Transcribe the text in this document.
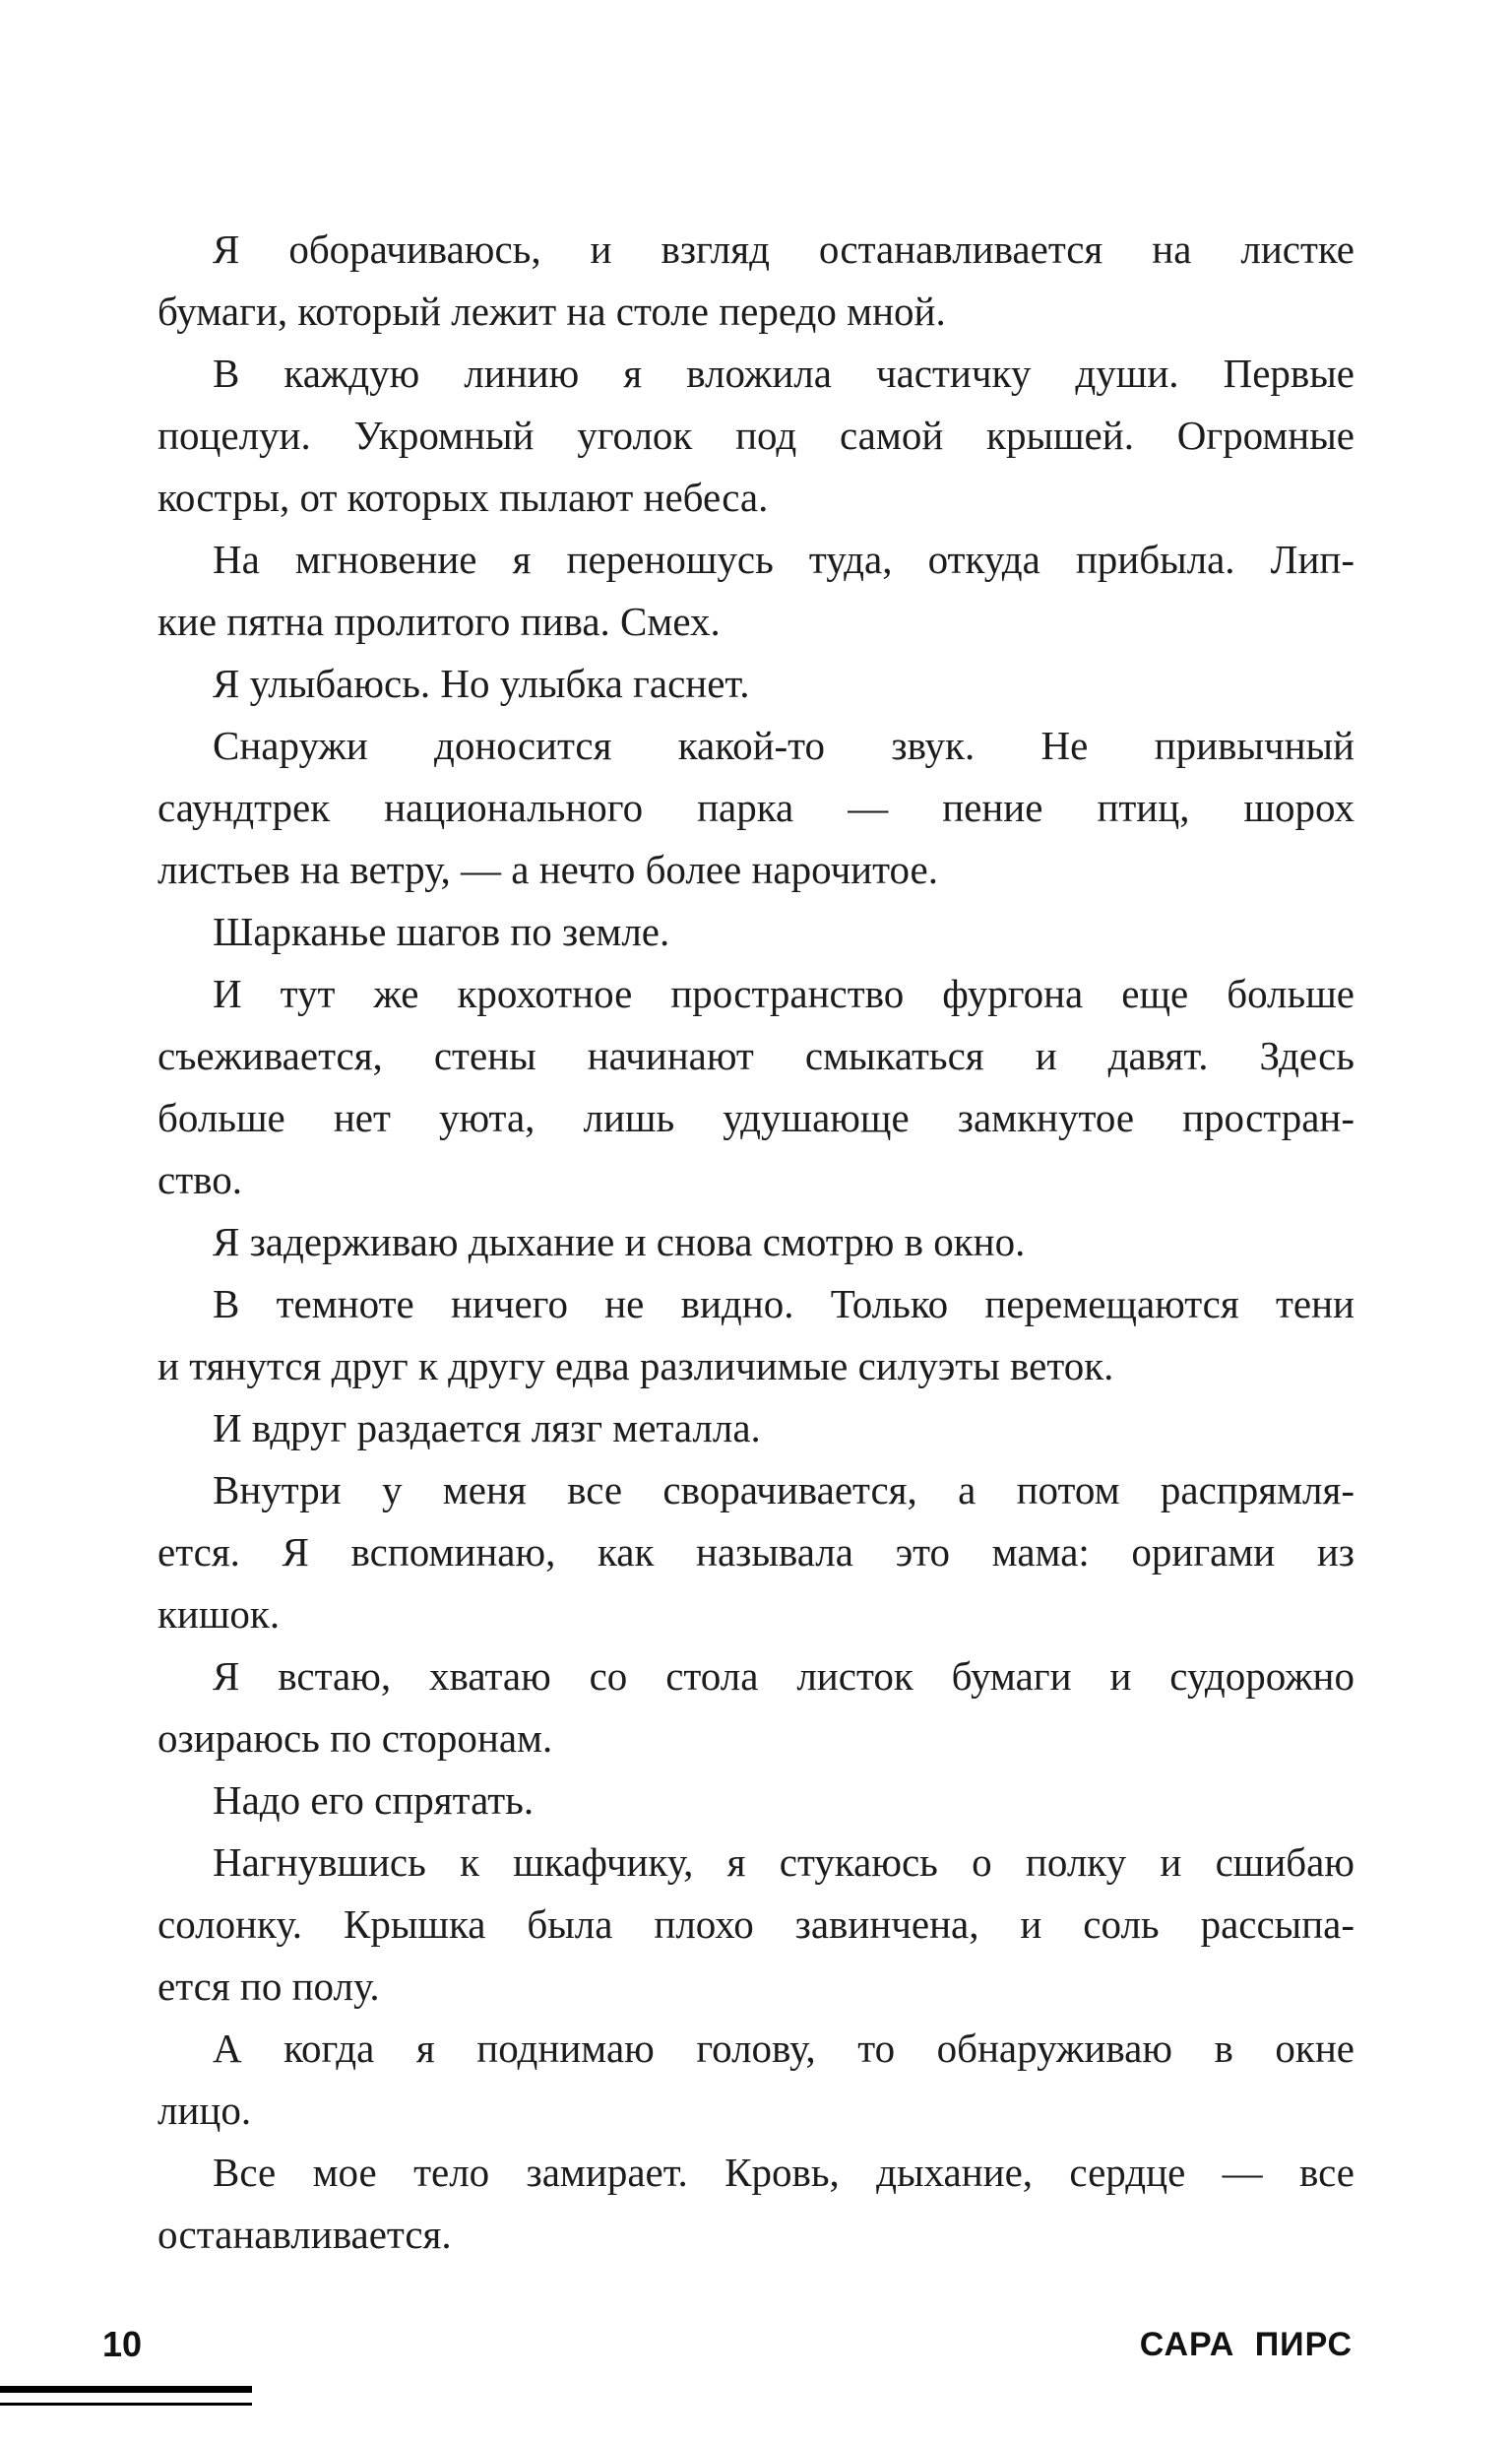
Я оборачиваюсь, и взгляд останавливается на листке
бумаги, который лежит на столе передо мной.
В каждую линию я вложила частичку души. Первые
поцелуи. Укромный уголок под самой крышей. Огромные
костры, от которых пылают небеса.
На мгновение я переношусь туда, откуда прибыла. Лип-
кие пятна пролитого пива. Смех.
Я улыбаюсь. Но улыбка гаснет.
Снаружи доносится какой-то звук. Не привычный
саундтрек национального парка — пение птиц, шорох
листьев на ветру, — а нечто более нарочитое.
Шарканье шагов по земле.
И тут же крохотное пространство фургона еще больше
съеживается, стены начинают смыкаться и давят. Здесь
больше нет уюта, лишь удушающе замкнутое простран-
ство.
Я задерживаю дыхание и снова смотрю в окно.
В темноте ничего не видно. Только перемещаются тени
и тянутся друг к другу едва различимые силуэты веток.
И вдруг раздается лязг металла.
Внутри у меня все сворачивается, а потом распрямля-
ется. Я вспоминаю, как называла это мама: оригами из
кишок.
Я встаю, хватаю со стола листок бумаги и судорожно
озираюсь по сторонам.
Надо его спрятать.
Нагнувшись к шкафчику, я стукаюсь о полку и сшибаю
солонку. Крышка была плохо завинчена, и соль рассыпа-
ется по полу.
А когда я поднимаю голову, то обнаруживаю в окне
лицо.
Все мое тело замирает. Кровь, дыхание, сердце — все
останавливается.
10	САРА ПИРС
